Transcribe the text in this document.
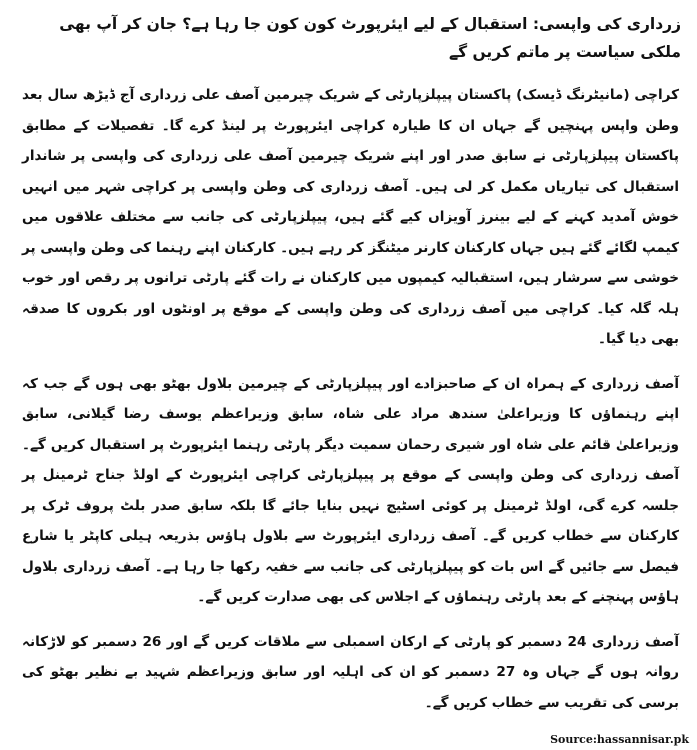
زرداری کی واپسی: استقبال کے لیے ایئرپورٹ کون کون جا رہا ہے؟ جان کر آپ بھی ملکی سیاست پر ماتم کریں گے
کراچی (مانیٹرنگ ڈیسک) پاکستان پیپلزپارٹی کے شریک چیرمین آصف علی زرداری آج ڈیڑھ سال بعد وطن واپس پہنچیں گے جہاں ان کا طیارہ کراچی ایئرپورٹ پر لینڈ کرے گا۔ تفصیلات کے مطابق پاکستان پیپلزپارٹی نے سابق صدر اور اپنے شریک چیرمین آصف علی زرداری کی واپسی پر شاندار استقبال کی تیاریاں مکمل کر لی ہیں۔ آصف زرداری کی وطن واپسی پر کراچی شہر میں انہیں خوش آمدید کہنے کے لیے بینرز آویزاں کیے گئے ہیں، پیپلزپارٹی کی جانب سے مختلف علاقوں میں کیمپ لگائے گئے ہیں جہاں کارکنان کارنر میٹنگز کر رہے ہیں۔ کارکنان اپنے رہنما کی وطن واپسی پر خوشی سے سرشار ہیں، استقبالیہ کیمپوں میں کارکنان نے رات گئے پارٹی ترانوں پر رقص اور خوب ہلہ گلہ کیا۔ کراچی میں آصف زرداری کی وطن واپسی کے موقع پر اونٹوں اور بکروں کا صدقہ بھی دیا گیا۔
آصف زرداری کے ہمراہ ان کے صاحبزادے اور پیپلزپارٹی کے چیرمین بلاول بھٹو بھی ہوں گے جب کہ اپنے رہنماؤں کا وزیراعلیٰ سندھ مراد علی شاہ، سابق وزیراعظم یوسف رضا گیلانی، سابق وزیراعلیٰ قائم علی شاہ اور شیری رحمان سمیت دیگر پارٹی رہنما ایئرپورٹ پر استقبال کریں گے۔ آصف زرداری کی وطن واپسی کے موقع پر پیپلزپارٹی کراچی ایئرپورٹ کے اولڈ جناح ٹرمینل پر جلسہ کرے گی، اولڈ ٹرمینل پر کوئی اسٹیج نہیں بنایا جائے گا بلکہ سابق صدر بلٹ پروف ٹرک پر کارکنان سے خطاب کریں گے۔ آصف زرداری ایئرپورٹ سے بلاول ہاؤس بذریعہ ہیلی کاپٹر یا شارع فیصل سے جائیں گے اس بات کو پیپلزپارٹی کی جانب سے خفیہ رکھا جا رہا ہے۔ آصف زرداری بلاول ہاؤس پہنچنے کے بعد پارٹی رہنماؤں کے اجلاس کی بھی صدارت کریں گے۔
آصف زرداری 24 دسمبر کو پارٹی کے ارکان اسمبلی سے ملاقات کریں گے اور 26 دسمبر کو لاڑکانہ روانہ ہوں گے جہاں وہ 27 دسمبر کو ان کی اہلیہ اور سابق وزیراعظم شہید بے نظیر بھٹو کی برسی کی تقریب سے خطاب کریں گے۔
Source:hassannisar.pk
